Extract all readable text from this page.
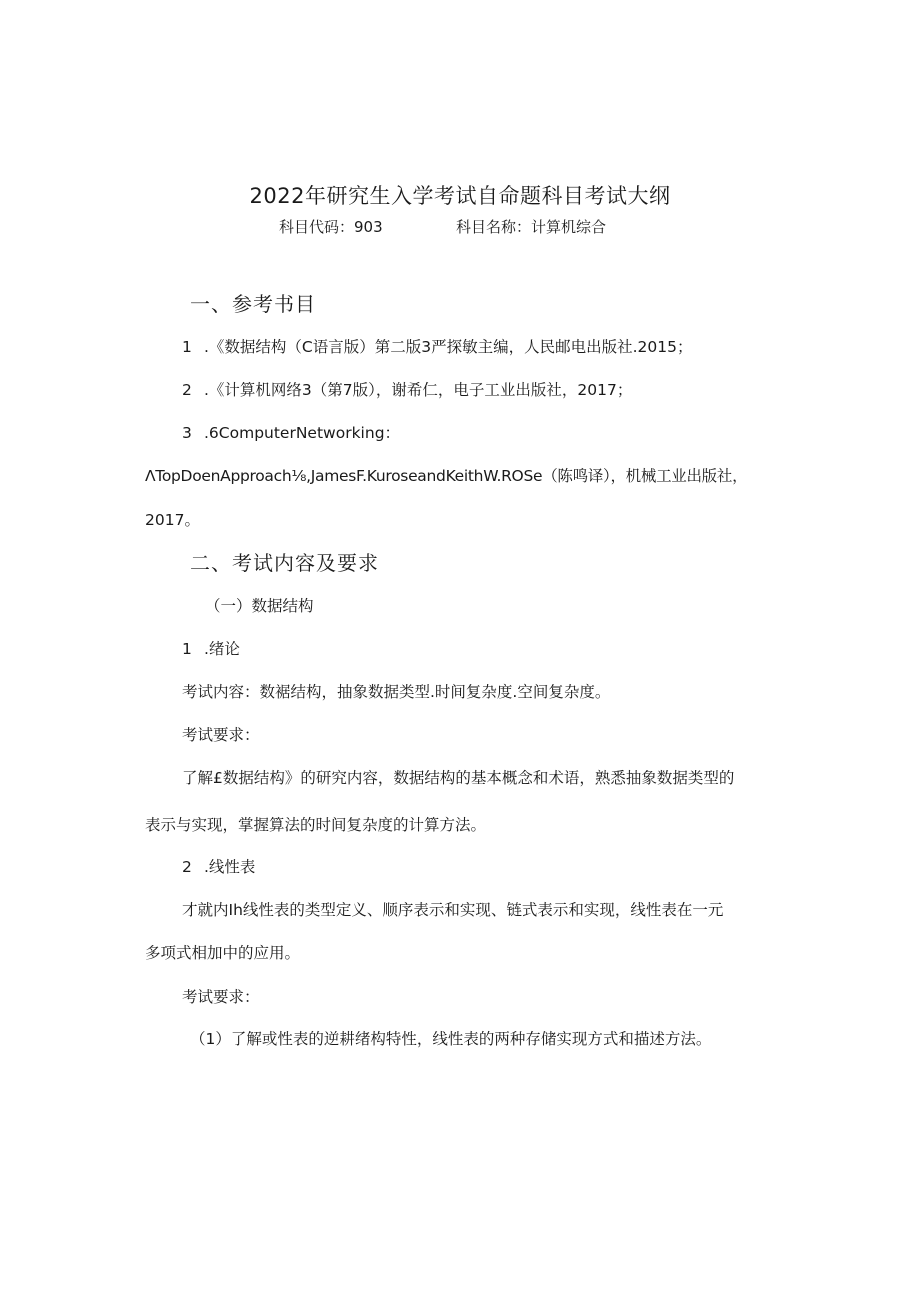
2022年研究生入学考试自命题科目考试大纲

科目代码：903	科目名称：计算机综合

一、参考书目

1 .《数据结构（C语言版）第二版3严探敏主编，人民邮电出版社.2015；

2 .《计算机网络3（第7版），谢希仁，电子工业出版社，2017；

3 .6ComputerNetworking：

ΛTopDoenApproach⅛,JamesF.KuroseandKeithW.ROSe（陈鸣译），机械工业出版社，

2017。

二、考试内容及要求

（一）数据结构

1 .绪论

考试内容：数裾结构，抽象数据类型.时间复杂度.空间复杂度。

考试要求：

了解£数据结构》的研究内容，数据结构的基本概念和术语，熟悉抽象数据类型的

表示与实现，掌握算法的时间复杂度的计算方法。

2 .线性表

才就内Ih线性表的类型定义、顺序表示和实现、链式表示和实现，线性表在一元

多项式相加中的应用。

考试要求：

（1）了解或性表的逆耕绪构特性，线性表的两种存储实现方式和描述方法。
